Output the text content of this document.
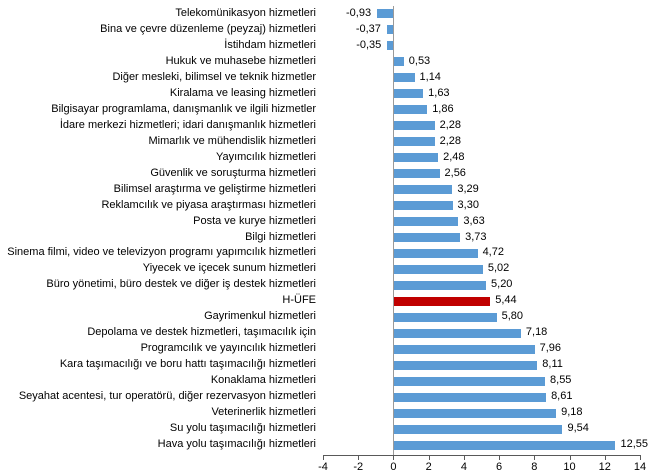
Telekomünikasyon hizmetleri	-0,93
Bina ve çevre düzenleme (peyzaj) hizmetleri	-0,37
İstihdam hizmetleri	-0,35
Hukuk ve muhasebe hizmetleri	0,53
Diğer mesleki, bilimsel ve teknik hizmetler	1,14
Kiralama ve leasing hizmetleri	1,63
Bilgisayar programlama, danışmanlık ve ilgili hizmetler	1,86
İdare merkezi hizmetleri; idari danışmanlık hizmetleri	2,28
Mimarlık ve mühendislik hizmetleri	2,28
Yayımcılık hizmetleri	2,48
Güvenlik ve soruşturma hizmetleri	2,56
Bilimsel araştırma ve geliştirme hizmetleri	3,29
Reklamcılık ve piyasa araştırması hizmetleri	3,30
Posta ve kurye hizmetleri	3,63
Bilgi hizmetleri	3,73
Sinema filmi, video ve televizyon programı yapımcılık hizmetleri	4,72
Yiyecek ve içecek sunum hizmetleri	5,02
Büro yönetimi, büro destek ve diğer iş destek hizmetleri	5,20
H-ÜFE	5,44
Gayrimenkul hizmetleri	5,80
Depolama ve destek hizmetleri, taşımacılık için	7,18
Programcılık ve yayıncılık hizmetleri	7,96
Kara taşımacılığı ve boru hattı taşımacılığı hizmetleri	8,11
Konaklama hizmetleri	8,55
Seyahat acentesi, tur operatörü, diğer rezervasyon hizmetleri	8,61
Veterinerlik hizmetleri	9,18
Su yolu taşımacılığı hizmetleri	9,54
Hava yolu taşımacılığı hizmetleri	12,55
-4 -2 0	2	4	6	8 10 12 14
